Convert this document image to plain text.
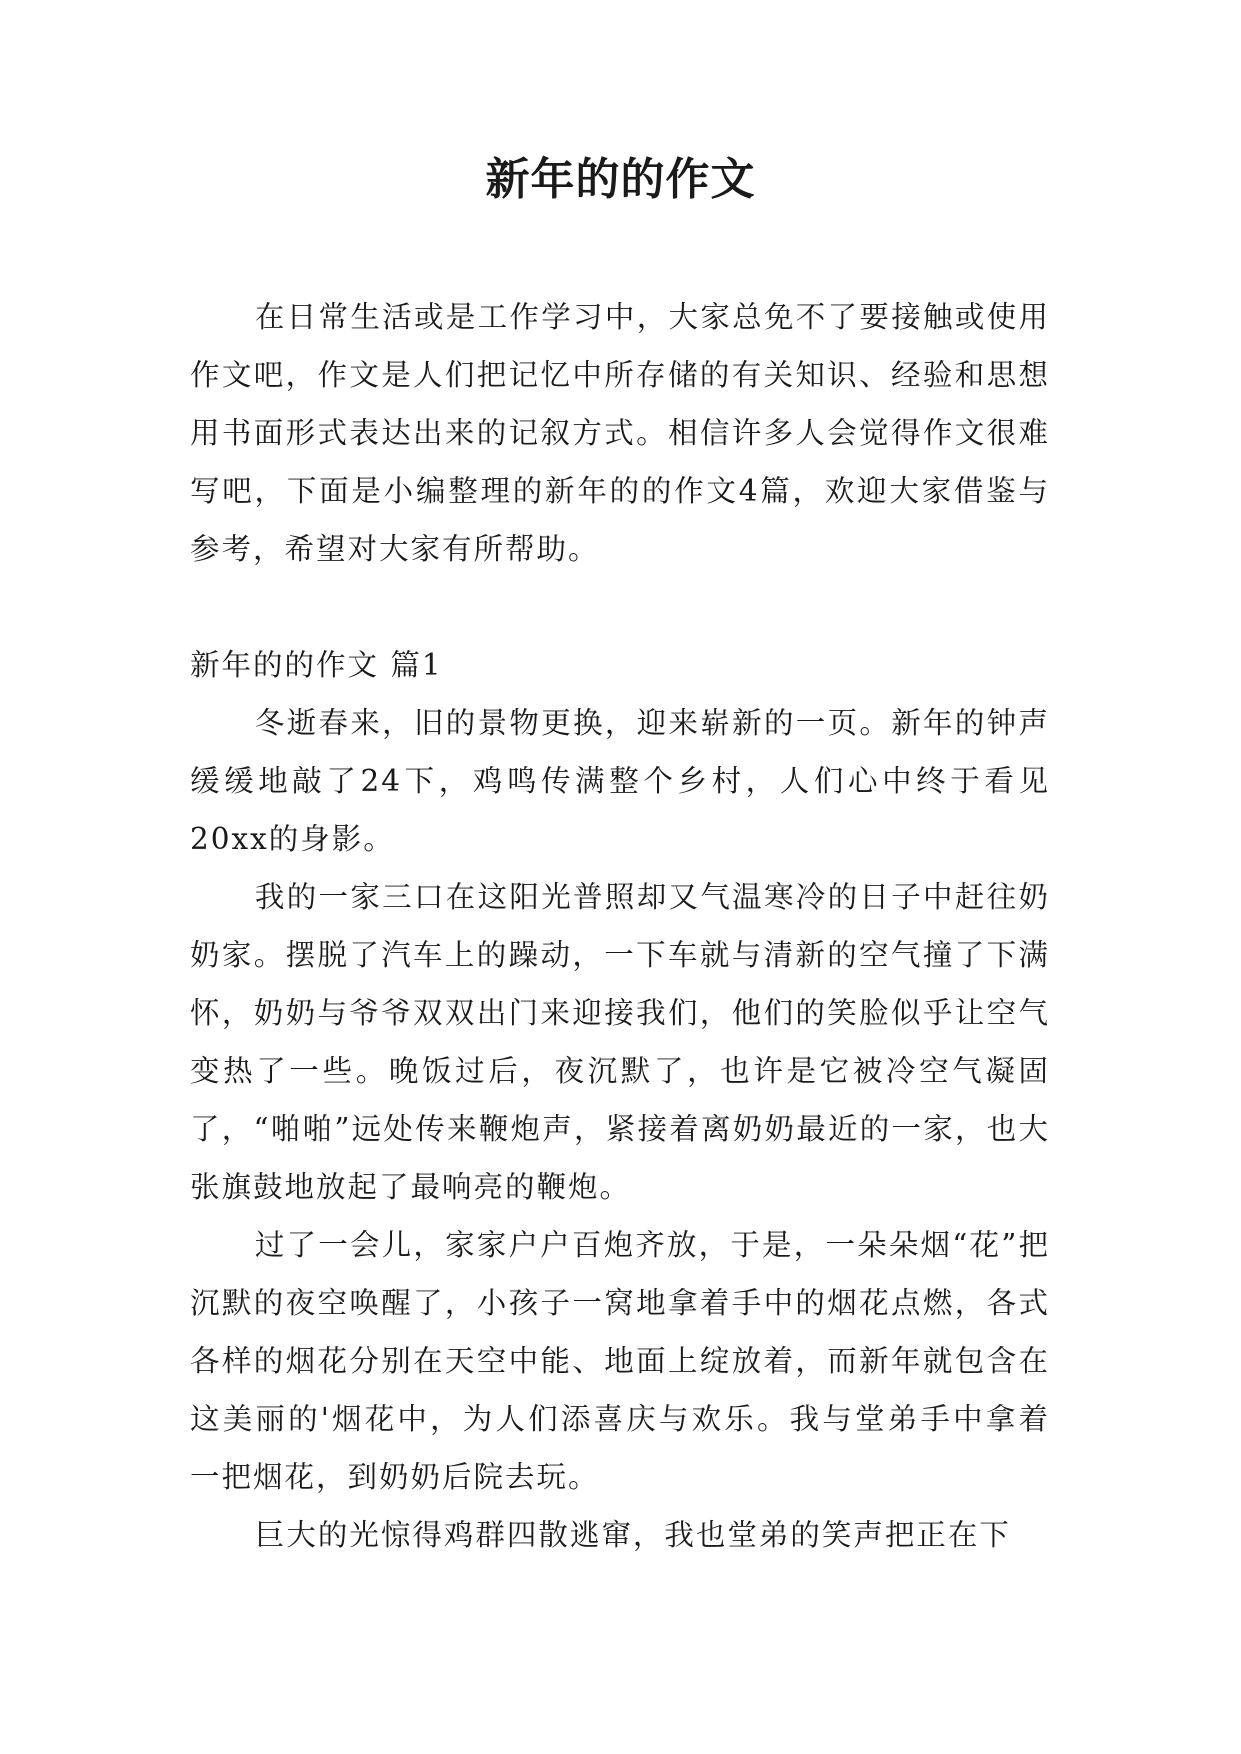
新年的的作文

在日常生活或是工作学习中，大家总免不了要接触或使用作文吧，作文是人们把记忆中所存储的有关知识、经验和思想用书面形式表达出来的记叙方式。相信许多人会觉得作文很难写吧，下面是小编整理的新年的的作文4篇，欢迎大家借鉴与参考，希望对大家有所帮助。

新年的的作文 篇1

冬逝春来，旧的景物更换，迎来崭新的一页。新年的钟声缓缓地敲了24下，鸡鸣传满整个乡村，人们心中终于看见20xx的身影。

我的一家三口在这阳光普照却又气温寒冷的日子中赶往奶奶家。摆脱了汽车上的躁动，一下车就与清新的空气撞了下满怀，奶奶与爷爷双双出门来迎接我们，他们的笑脸似乎让空气变热了一些。晚饭过后，夜沉默了，也许是它被冷空气凝固了，“啪啪”远处传来鞭炮声，紧接着离奶奶最近的一家，也大张旗鼓地放起了最响亮的鞭炮。

过了一会儿，家家户户百炮齐放，于是，一朵朵烟“花”把沉默的夜空唤醒了，小孩子一窝地拿着手中的烟花点燃，各式各样的烟花分别在天空中能、地面上绽放着，而新年就包含在这美丽的'烟花中，为人们添喜庆与欢乐。我与堂弟手中拿着一把烟花，到奶奶后院去玩。

巨大的光惊得鸡群四散逃窜，我也堂弟的笑声把正在下
